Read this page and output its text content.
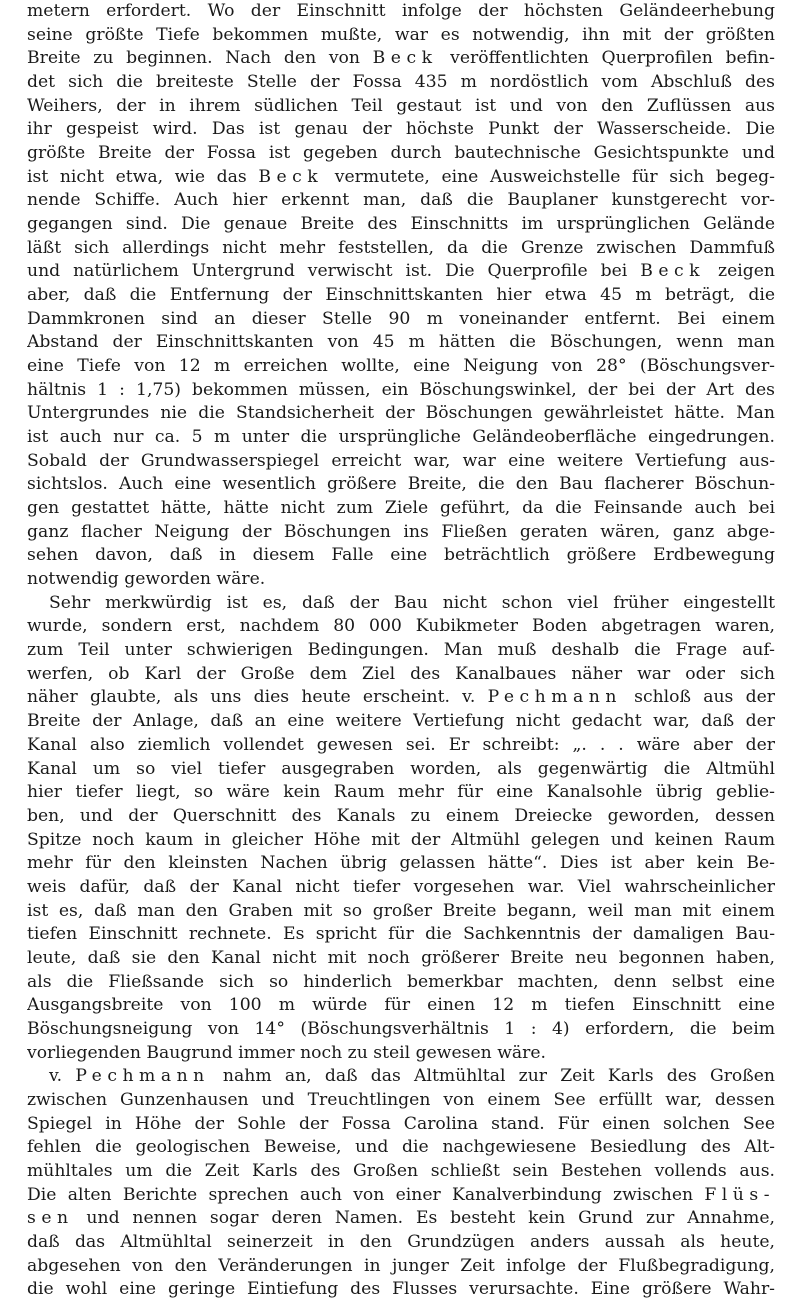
metern erfordert. Wo der Einschnitt infolge der höchsten Geländeerhebung
seine größte Tiefe bekommen mußte, war es notwendig, ihn mit der größten
Breite zu beginnen. Nach den von Beck veröffentlichten Querprofilen befin-
det sich die breiteste Stelle der Fossa 435 m nordöstlich vom Abschluß des
Weihers, der in ihrem südlichen Teil gestaut ist und von den Zuflüssen aus
ihr gespeist wird. Das ist genau der höchste Punkt der Wasserscheide. Die
größte Breite der Fossa ist gegeben durch bautechnische Gesichtspunkte und
ist nicht etwa, wie das Beck vermutete, eine Ausweichstelle für sich begeg-
nende Schiffe. Auch hier erkennt man, daß die Bauplaner kunstgerecht vor-
gegangen sind. Die genaue Breite des Einschnitts im ursprünglichen Gelände
läßt sich allerdings nicht mehr feststellen, da die Grenze zwischen Dammfuß
und natürlichem Untergrund verwischt ist. Die Querprofile bei Beck zeigen
aber, daß die Entfernung der Einschnittskanten hier etwa 45 m beträgt, die
Dammkronen sind an dieser Stelle 90 m voneinander entfernt. Bei einem
Abstand der Einschnittskanten von 45 m hätten die Böschungen, wenn man
eine Tiefe von 12 m erreichen wollte, eine Neigung von 28° (Böschungsver-
hältnis 1 : 1,75) bekommen müssen, ein Böschungswinkel, der bei der Art des
Untergrundes nie die Standsicherheit der Böschungen gewährleistet hätte. Man
ist auch nur ca. 5 m unter die ursprüngliche Geländeoberfläche eingedrungen.
Sobald der Grundwasserspiegel erreicht war, war eine weitere Vertiefung aus-
sichtslos. Auch eine wesentlich größere Breite, die den Bau flacherer Böschun-
gen gestattet hätte, hätte nicht zum Ziele geführt, da die Feinsande auch bei
ganz flacher Neigung der Böschungen ins Fließen geraten wären, ganz abge-
sehen davon, daß in diesem Falle eine beträchtlich größere Erdbewegung
notwendig geworden wäre.
Sehr merkwürdig ist es, daß der Bau nicht schon viel früher eingestellt
wurde, sondern erst, nachdem 80 000 Kubikmeter Boden abgetragen waren,
zum Teil unter schwierigen Bedingungen. Man muß deshalb die Frage auf-
werfen, ob Karl der Große dem Ziel des Kanalbaues näher war oder sich
näher glaubte, als uns dies heute erscheint. v. Pechmann schloß aus der
Breite der Anlage, daß an eine weitere Vertiefung nicht gedacht war, daß der
Kanal also ziemlich vollendet gewesen sei. Er schreibt: „. . . wäre aber der
Kanal um so viel tiefer ausgegraben worden, als gegenwärtig die Altmühl
hier tiefer liegt, so wäre kein Raum mehr für eine Kanalsohle übrig geblie-
ben, und der Querschnitt des Kanals zu einem Dreiecke geworden, dessen
Spitze noch kaum in gleicher Höhe mit der Altmühl gelegen und keinen Raum
mehr für den kleinsten Nachen übrig gelassen hätte“. Dies ist aber kein Be-
weis dafür, daß der Kanal nicht tiefer vorgesehen war. Viel wahrscheinlicher
ist es, daß man den Graben mit so großer Breite begann, weil man mit einem
tiefen Einschnitt rechnete. Es spricht für die Sachkenntnis der damaligen Bau-
leute, daß sie den Kanal nicht mit noch größerer Breite neu begonnen haben,
als die Fließsande sich so hinderlich bemerkbar machten, denn selbst eine
Ausgangsbreite von 100 m würde für einen 12 m tiefen Einschnitt eine
Böschungsneigung von 14° (Böschungsverhältnis 1 : 4) erfordern, die beim
vorliegenden Baugrund immer noch zu steil gewesen wäre.
v. Pechmann nahm an, daß das Altmühltal zur Zeit Karls des Großen
zwischen Gunzenhausen und Treuchtlingen von einem See erfüllt war, dessen
Spiegel in Höhe der Sohle der Fossa Carolina stand. Für einen solchen See
fehlen die geologischen Beweise, und die nachgewiesene Besiedlung des Alt-
mühltales um die Zeit Karls des Großen schließt sein Bestehen vollends aus.
Die alten Berichte sprechen auch von einer Kanalverbindung zwischen Flüs-
sen und nennen sogar deren Namen. Es besteht kein Grund zur Annahme,
daß das Altmühltal seinerzeit in den Grundzügen anders aussah als heute,
abgesehen von den Veränderungen in junger Zeit infolge der Flußbegradigung,
die wohl eine geringe Eintiefung des Flusses verursachte. Eine größere Wahr-
